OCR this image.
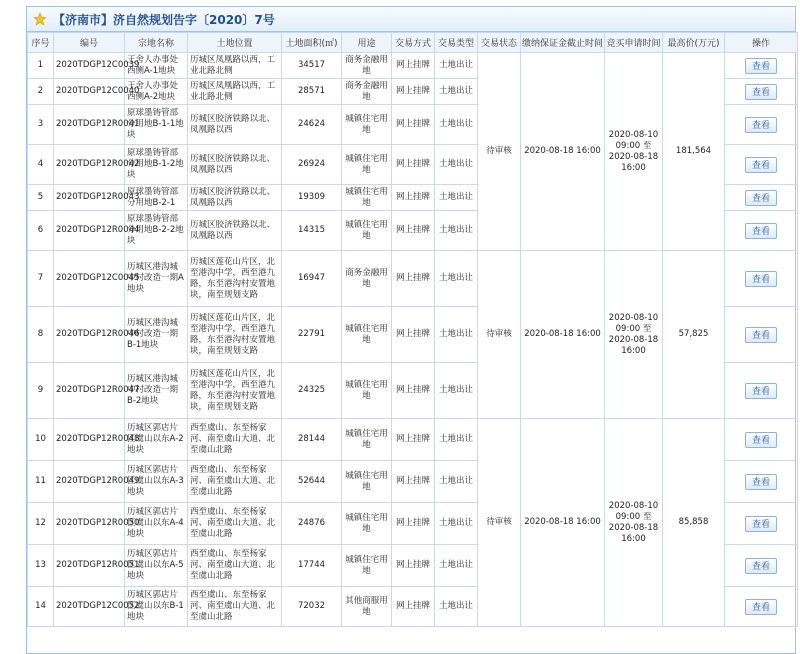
【济南市】济自然规划告字〔2020〕7号
序号	编号	宗地名称	土地位置	土地面积(㎡)	用途	交易方式	交易类型	交易状态	缴纳保证金截止时间	竞买申请时间	最高价(万元)	操作
1	2020TDGP12C0039	王舍人办事处西侧A-1地块	历城区凤凰路以西，工业北路北侧	34517	商务金融用地	网上挂牌	土地出让	待审核	2020-08-18 16:00	2020-08-10 09:00 至 2020-08-18 16:00	181,564	查看
2	2020TDGP12C0040	王舍人办事处西侧A-2地块	历城区凤凰路以西，工业北路北侧	28571	商务金融用地	网上挂牌	土地出让					查看
3	2020TDGP12R0041	原球墨铸管部分用地B-1-1地块	历城区胶济铁路以北、凤凰路以西	24624	城镇住宅用地	网上挂牌	土地出让					查看
4	2020TDGP12R0042	原球墨铸管部分用地B-1-2地块	历城区胶济铁路以北、凤凰路以西	26924	城镇住宅用地	网上挂牌	土地出让					查看
5	2020TDGP12R0043	原球墨铸管部分用地B-2-1	历城区胶济铁路以北、凤凰路以西	19309	城镇住宅用地	网上挂牌	土地出让					查看
6	2020TDGP12R0044	原球墨铸管部分用地B-2-2地块	历城区胶济铁路以北、凤凰路以西	14315	城镇住宅用地	网上挂牌	土地出让					查看
7	2020TDGP12C0045	历城区港沟城中村改造一期A地块	历城区莲花山片区，北至港沟中学，西至港九路，东至港沟村安置地块，南至规划支路	16947	商务金融用地	网上挂牌	土地出让	待审核	2020-08-18 16:00	2020-08-10 09:00 至 2020-08-18 16:00	57,825	查看
8	2020TDGP12R0046	历城区港沟城中村改造一期B-1地块	历城区莲花山片区，北至港沟中学，西至港九路，东至港沟村安置地块，南至规划支路	22791	城镇住宅用地	网上挂牌	土地出让					查看
9	2020TDGP12R0047	历城区港沟城中村改造一期B-2地块	历城区莲花山片区，北至港沟中学，西至港九路，东至港沟村安置地块，南至规划支路	24325	城镇住宅用地	网上挂牌	土地出让					查看
10	2020TDGP12R0048	历城区郭店片区虞山以东A-2地块	西至虞山、东至杨家河、南至虞山大道、北至虞山北路	28144	城镇住宅用地	网上挂牌	土地出让	待审核	2020-08-18 16:00	2020-08-10 09:00 至 2020-08-18 16:00	85,858	查看
11	2020TDGP12R0049	历城区郭店片区虞山以东A-3地块	西至虞山、东至杨家河、南至虞山大道、北至虞山北路	52644	城镇住宅用地	网上挂牌	土地出让					查看
12	2020TDGP12R0050	历城区郭店片区虞山以东A-4地块	西至虞山、东至杨家河、南至虞山大道、北至虞山北路	24876	城镇住宅用地	网上挂牌	土地出让					查看
13	2020TDGP12R0051	历城区郭店片区虞山以东A-5地块	西至虞山、东至杨家河、南至虞山大道、北至虞山北路	17744	城镇住宅用地	网上挂牌	土地出让					查看
14	2020TDGP12C0052	历城区郭店片区虞山以东B-1地块	西至虞山、东至杨家河、南至虞山大道、北至虞山北路	72032	其他商服用地	网上挂牌	土地出让					查看
